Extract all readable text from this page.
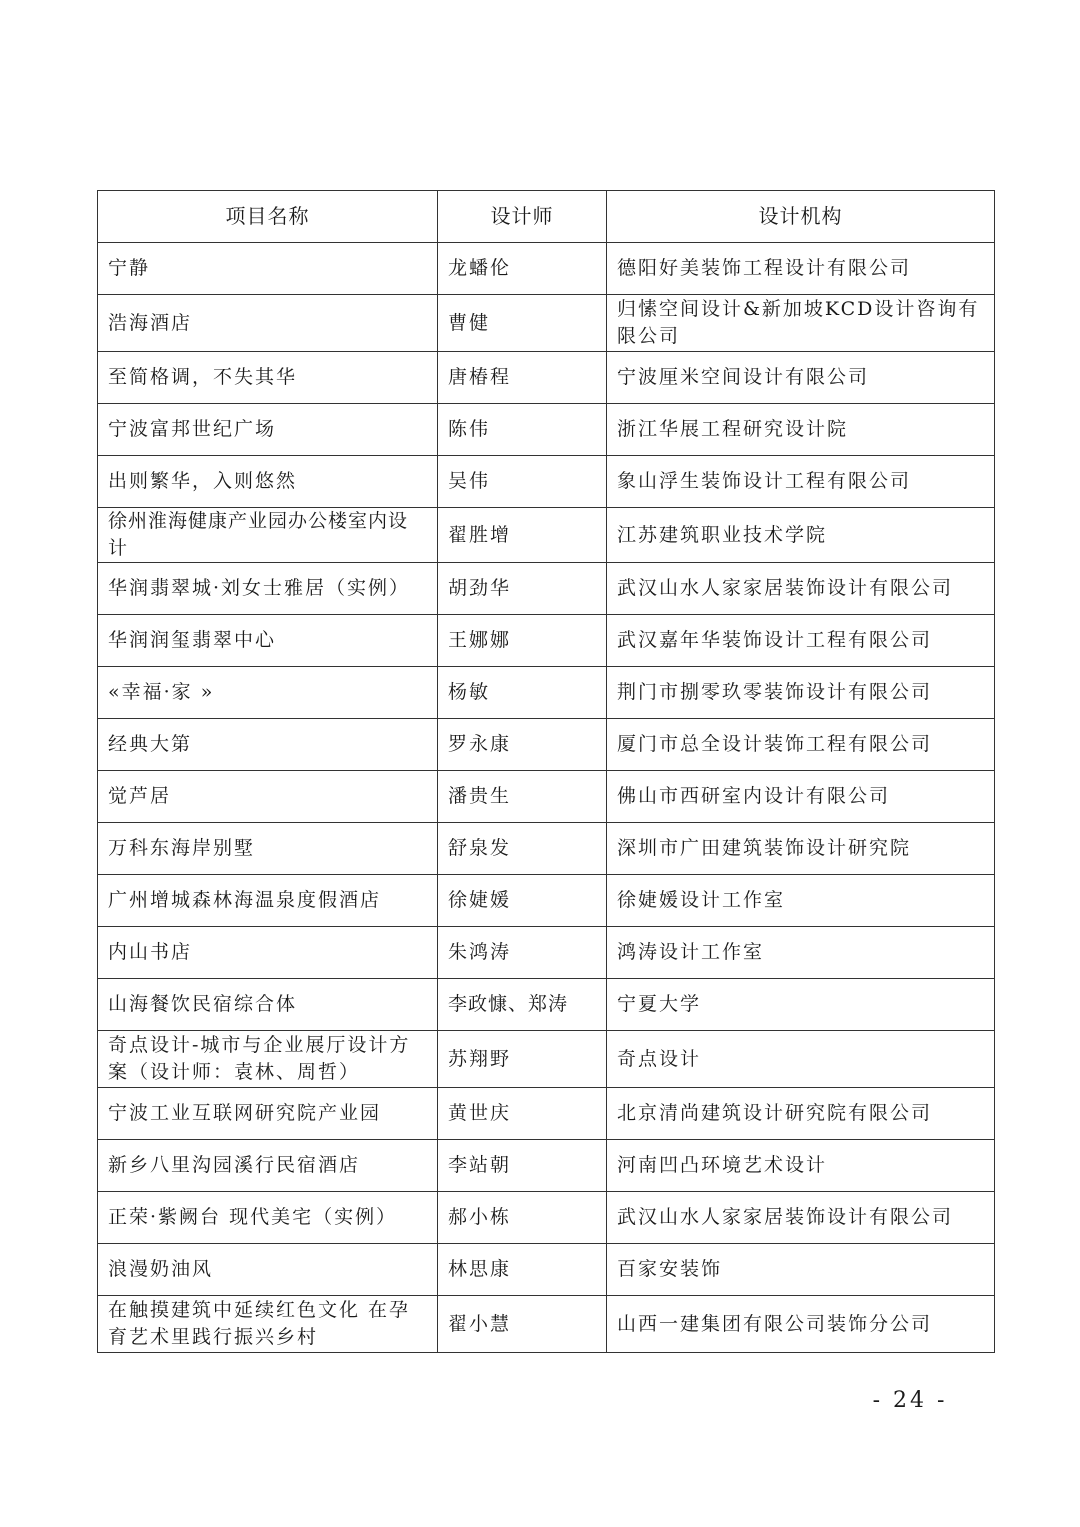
项目名称	设计师	设计机构
宁静	龙蟠伦	德阳好美装饰工程设计有限公司
浩海酒店	曹健	归愫空间设计&新加坡KCD设计咨询有限公司
至简格调，不失其华	唐椿程	宁波厘米空间设计有限公司
宁波富邦世纪广场	陈伟	浙江华展工程研究设计院
出则繁华，入则悠然	吴伟	象山浮生装饰设计工程有限公司
徐州淮海健康产业园办公楼室内设计	翟胜增	江苏建筑职业技术学院
华润翡翠城·刘女士雅居（实例）	胡劲华	武汉山水人家家居装饰设计有限公司
华润润玺翡翠中心	王娜娜	武汉嘉年华装饰设计工程有限公司
«幸福·家 »	杨敏	荆门市捌零玖零装饰设计有限公司
经典大第	罗永康	厦门市总全设计装饰工程有限公司
觉芦居	潘贵生	佛山市西研室内设计有限公司
万科东海岸别墅	舒泉发	深圳市广田建筑装饰设计研究院
广州增城森林海温泉度假酒店	徐婕媛	徐婕媛设计工作室
内山书店	朱鸿涛	鸿涛设计工作室
山海餐饮民宿综合体	李政慷、郑涛	宁夏大学
奇点设计-城市与企业展厅设计方案（设计师：袁林、周哲）	苏翔野	奇点设计
宁波工业互联网研究院产业园	黄世庆	北京清尚建筑设计研究院有限公司
新乡八里沟园溪行民宿酒店	李站朝	河南凹凸环境艺术设计
正荣·紫阙台 现代美宅（实例）	郝小栋	武汉山水人家家居装饰设计有限公司
浪漫奶油风	林思康	百家安装饰
在触摸建筑中延续红色文化 在孕育艺术里践行振兴乡村	翟小慧	山西一建集团有限公司装饰分公司
- 24 -
